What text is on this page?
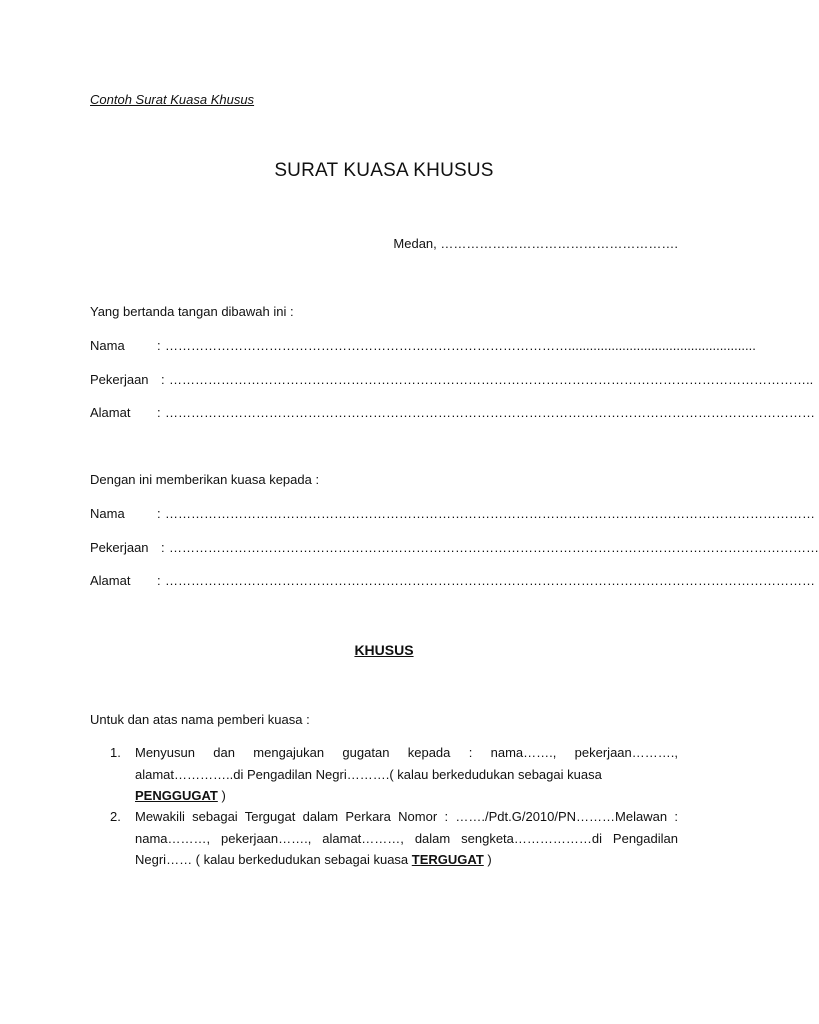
Contoh Surat Kuasa Khusus
SURAT KUASA KHUSUS
Medan, ……………………………………………….
Yang bertanda tangan dibawah ini :
Nama : …………………………………………………………………………………....................................................
Pekerjaan : …………………………………………………………………………………………………………………………………..
Alamat : ……………………………………………………………………………………………………………………………………
Dengan ini memberikan kuasa kepada :
Nama : ……………………………………………………………………………………………………………………………………
Pekerjaan : ……………………………………………………………………………………………………………………………………
Alamat : ……………………………………………………………………………………………………………………………………
KHUSUS
Untuk dan atas nama pemberi kuasa :
1. Menyusun dan mengajukan gugatan kepada : nama……., pekerjaan………., alamat…………..di Pengadilan Negri……….( kalau berkedudukan sebagai kuasa
PENGGUGAT )
2. Mewakili sebagai Tergugat dalam Perkara Nomor : ……./Pdt.G/2010/PN………Melawan : nama………, pekerjaan……., alamat………, dalam sengketa………………di Pengadilan Negri…… ( kalau berkedudukan sebagai kuasa TERGUGAT )
